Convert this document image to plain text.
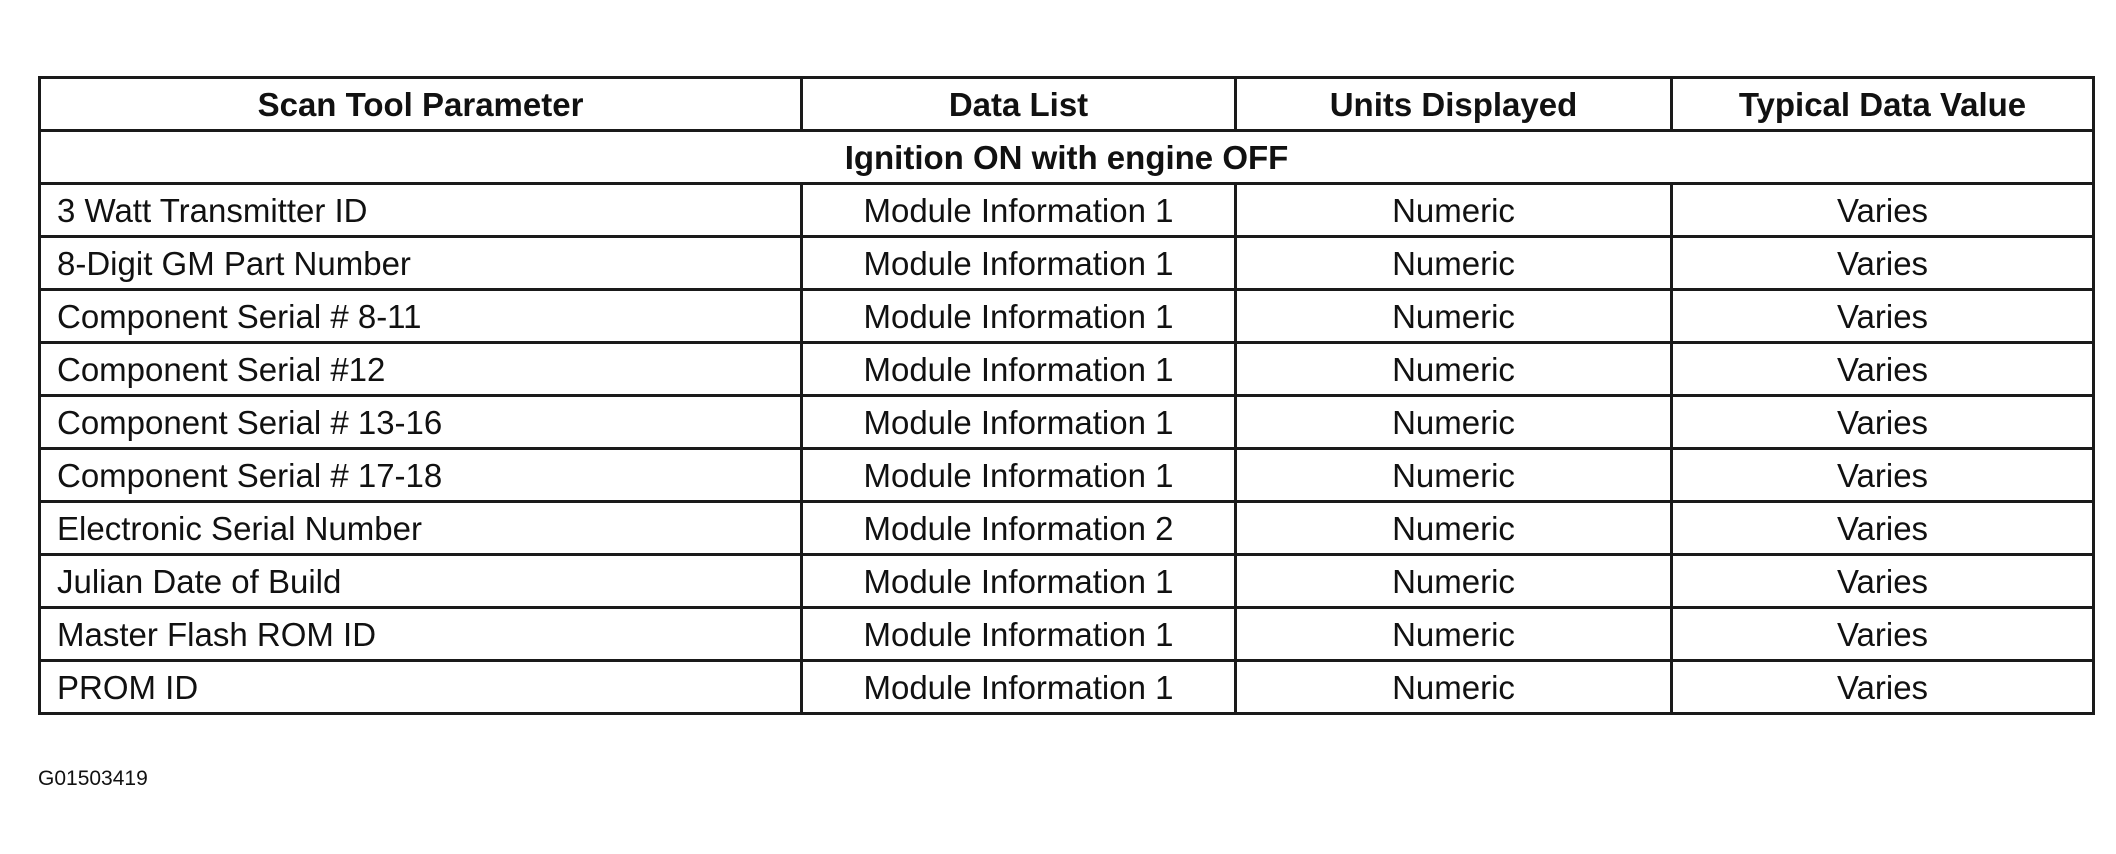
Scan Tool Parameter	Data List	Units Displayed	Typical Data Value
Ignition ON with engine OFF			
3 Watt Transmitter ID	Module Information 1	Numeric	Varies
8-Digit GM Part Number	Module Information 1	Numeric	Varies
Component Serial # 8-11	Module Information 1	Numeric	Varies
Component Serial #12	Module Information 1	Numeric	Varies
Component Serial # 13-16	Module Information 1	Numeric	Varies
Component Serial # 17-18	Module Information 1	Numeric	Varies
Electronic Serial Number	Module Information 2	Numeric	Varies
Julian Date of Build	Module Information 1	Numeric	Varies
Master Flash ROM ID	Module Information 1	Numeric	Varies
PROM ID	Module Information 1	Numeric	Varies
G01503419
